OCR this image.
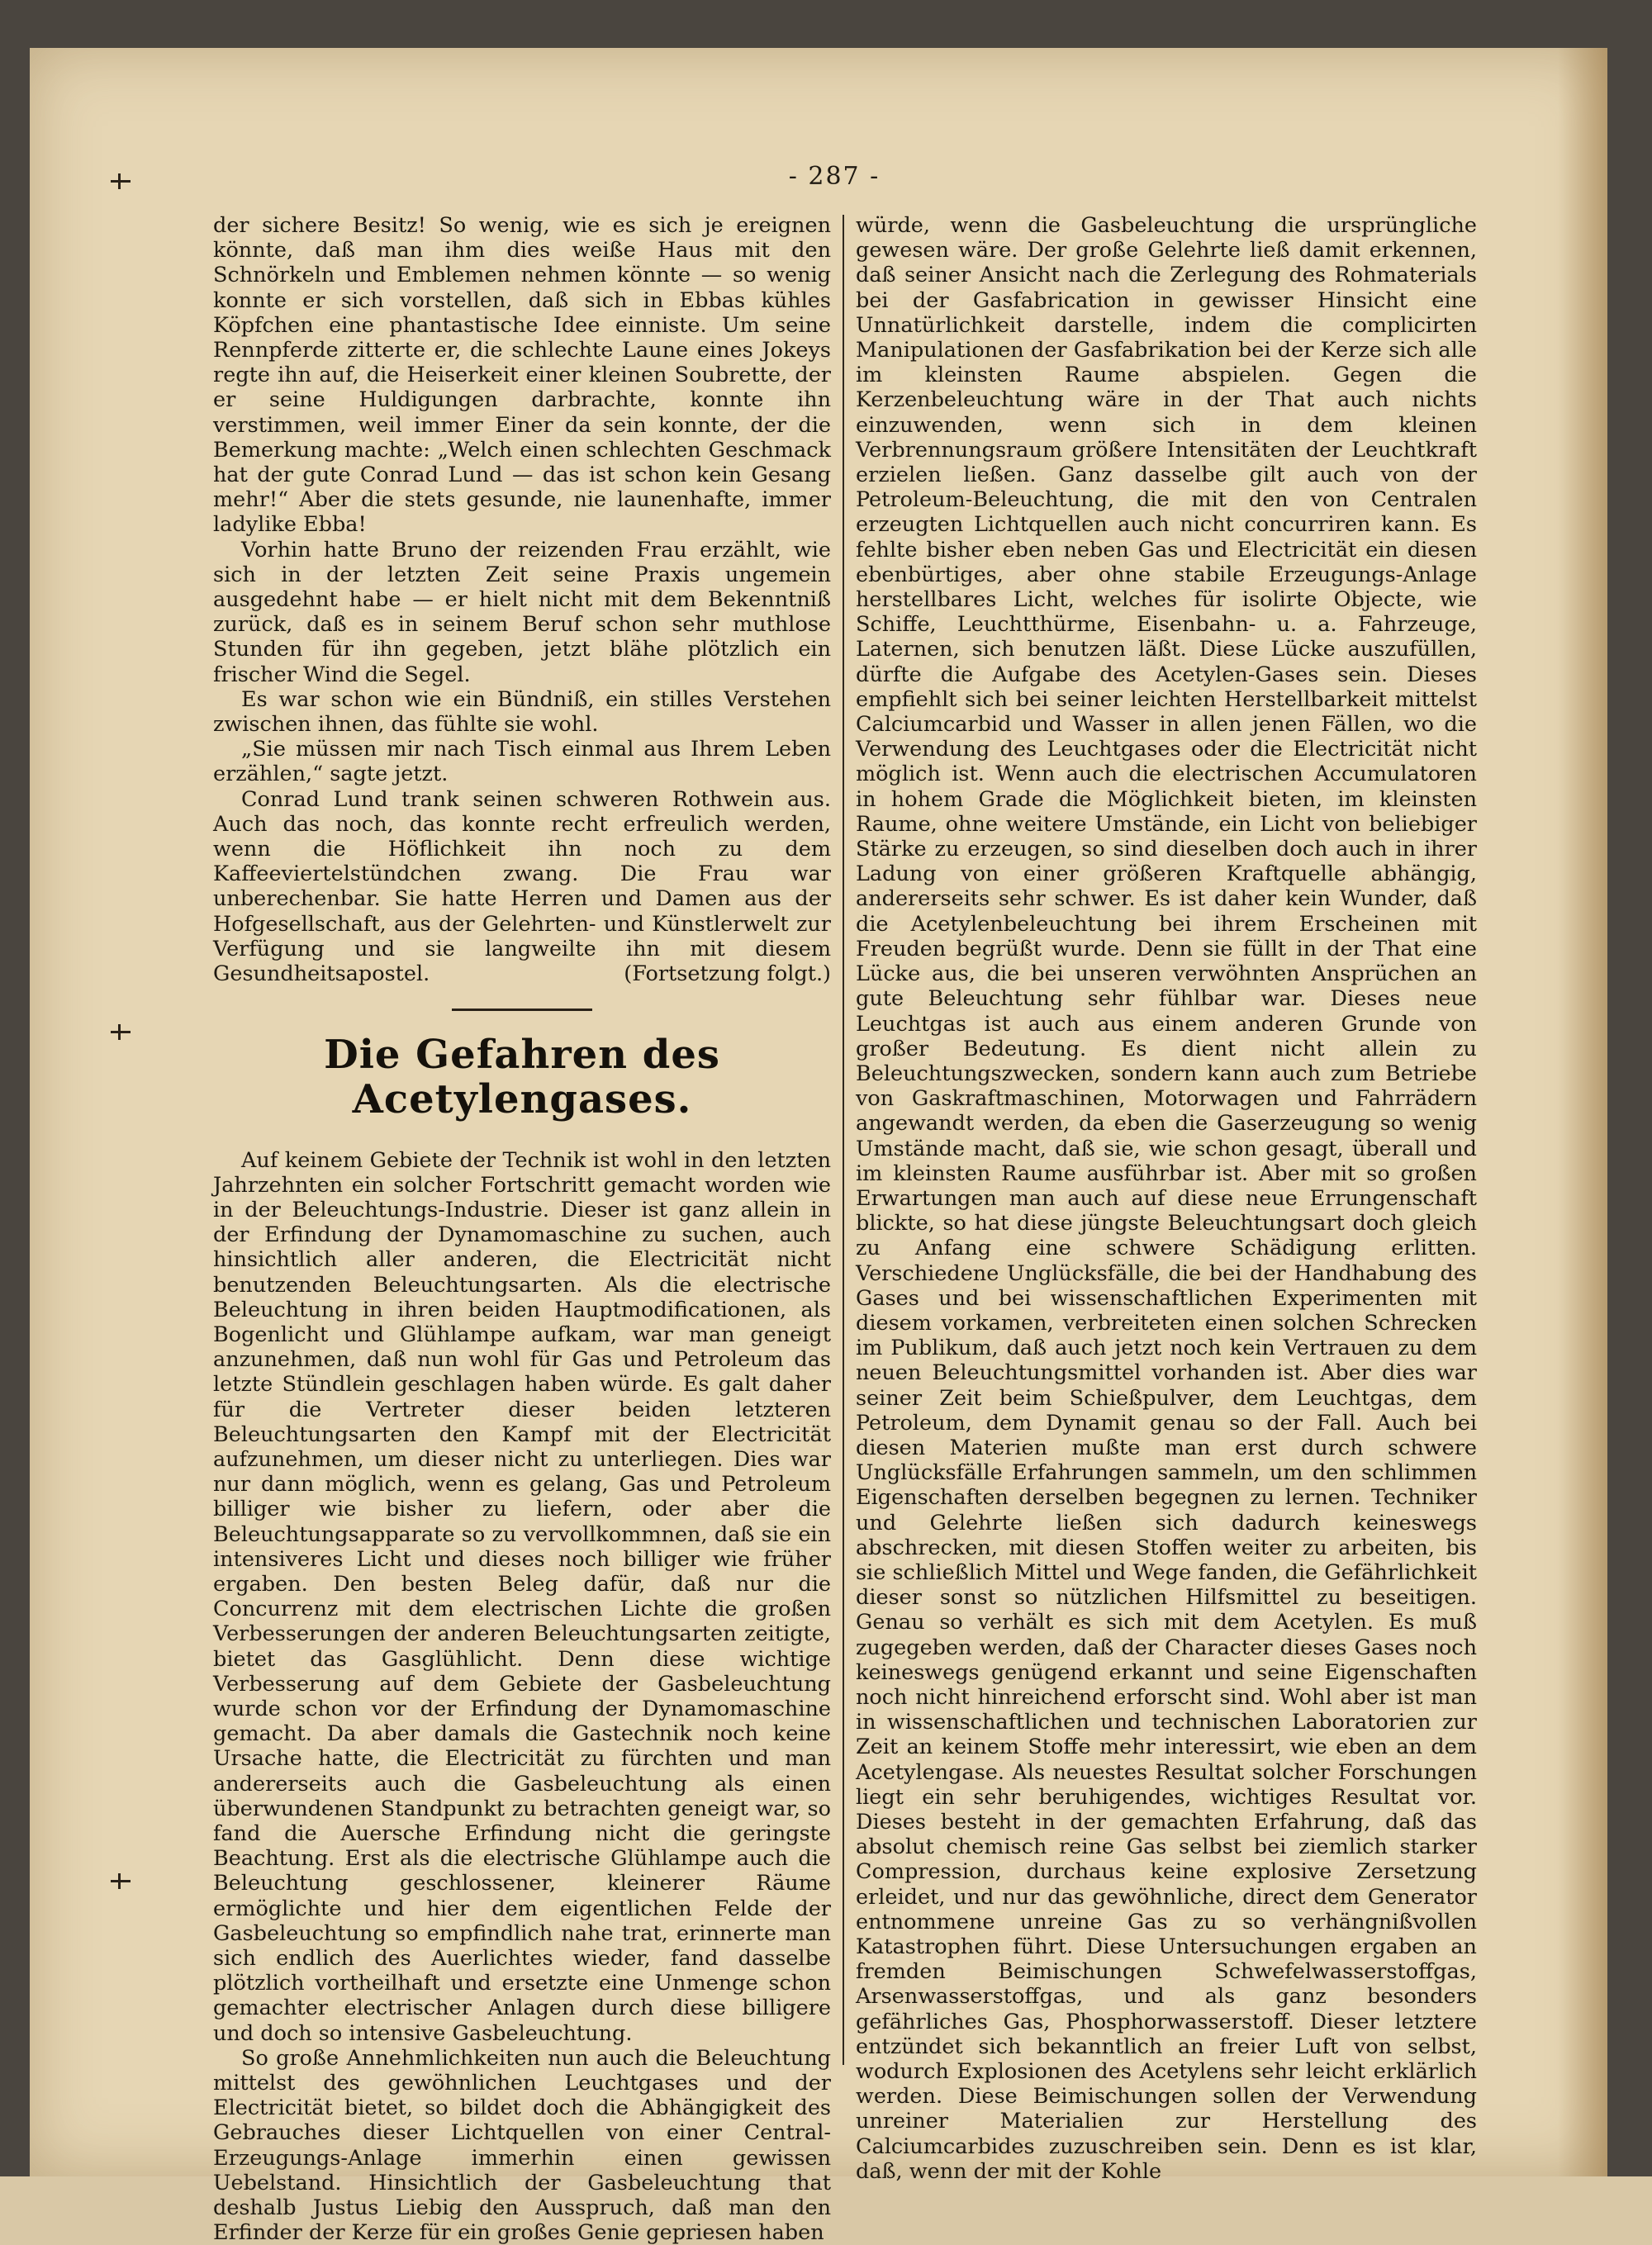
- 287 -

der sichere Besitz! So wenig, wie es sich je ereignen könnte, daß man ihm dies weiße Haus mit den Schnörkeln und Emblemen nehmen könnte — so wenig konnte er sich vorstellen, daß sich in Ebbas kühles Köpfchen eine phantastische Idee einniste. Um seine Rennpferde zitterte er, die schlechte Laune eines Jokeys regte ihn auf, die Heiserkeit einer kleinen Soubrette, der er seine Huldigungen darbrachte, konnte ihn verstimmen, weil immer Einer da sein konnte, der die Bemerkung machte: „Welch einen schlechten Geschmack hat der gute Conrad Lund — das ist schon kein Gesang mehr!“ Aber die stets gesunde, nie launenhafte, immer ladylike Ebba!

Vorhin hatte Bruno der reizenden Frau erzählt, wie sich in der letzten Zeit seine Praxis ungemein ausgedehnt habe — er hielt nicht mit dem Bekenntniß zurück, daß es in seinem Beruf schon sehr muthlose Stunden für ihn gegeben, jetzt blähe plötzlich ein frischer Wind die Segel.

Es war schon wie ein Bündniß, ein stilles Verstehen zwischen ihnen, das fühlte sie wohl.

„Sie müssen mir nach Tisch einmal aus Ihrem Leben erzählen,“ sagte jetzt.

Conrad Lund trank seinen schweren Rothwein aus. Auch das noch, das konnte recht erfreulich werden, wenn die Höflichkeit ihn noch zu dem Kaffeeviertelstündchen zwang. Die Frau war unberechenbar. Sie hatte Herren und Damen aus der Hofgesellschaft, aus der Gelehrten- und Künstlerwelt zur Verfügung und sie langweilte ihn mit diesem Gesundheitsapostel.	(Fortsetzung folgt.)

Die Gefahren des Acetylengases.

Auf keinem Gebiete der Technik ist wohl in den letzten Jahrzehnten ein solcher Fortschritt gemacht worden wie in der Beleuchtungs-Industrie. Dieser ist ganz allein in der Erfindung der Dynamomaschine zu suchen, auch hinsichtlich aller anderen, die Electricität nicht benutzenden Beleuchtungsarten. Als die electrische Beleuchtung in ihren beiden Hauptmodificationen, als Bogenlicht und Glühlampe aufkam, war man geneigt anzunehmen, daß nun wohl für Gas und Petroleum das letzte Stündlein geschlagen haben würde. Es galt daher für die Vertreter dieser beiden letzteren Beleuchtungsarten den Kampf mit der Electricität aufzunehmen, um dieser nicht zu unterliegen. Dies war nur dann möglich, wenn es gelang, Gas und Petroleum billiger wie bisher zu liefern, oder aber die Beleuchtungsapparate so zu vervollkommnen, daß sie ein intensiveres Licht und dieses noch billiger wie früher ergaben. Den besten Beleg dafür, daß nur die Concurrenz mit dem electrischen Lichte die großen Verbesserungen der anderen Beleuchtungsarten zeitigte, bietet das Gasglühlicht. Denn diese wichtige Verbesserung auf dem Gebiete der Gasbeleuchtung wurde schon vor der Erfindung der Dynamomaschine gemacht. Da aber damals die Gastechnik noch keine Ursache hatte, die Electricität zu fürchten und man andererseits auch die Gasbeleuchtung als einen überwundenen Standpunkt zu betrachten geneigt war, so fand die Auersche Erfindung nicht die geringste Beachtung. Erst als die electrische Glühlampe auch die Beleuchtung geschlossener, kleinerer Räume ermöglichte und hier dem eigentlichen Felde der Gasbeleuchtung so empfindlich nahe trat, erinnerte man sich endlich des Auerlichtes wieder, fand dasselbe plötzlich vortheilhaft und ersetzte eine Unmenge schon gemachter electrischer Anlagen durch diese billigere und doch so intensive Gasbeleuchtung.

So große Annehmlichkeiten nun auch die Beleuchtung mittelst des gewöhnlichen Leuchtgases und der Electricität bietet, so bildet doch die Abhängigkeit des Gebrauches dieser Lichtquellen von einer Central-Erzeugungs-Anlage immerhin einen gewissen Uebelstand. Hinsichtlich der Gasbeleuchtung that deshalb Justus Liebig den Ausspruch, daß man den Erfinder der Kerze für ein großes Genie gepriesen haben

würde, wenn die Gasbeleuchtung die ursprüngliche gewesen wäre. Der große Gelehrte ließ damit erkennen, daß seiner Ansicht nach die Zerlegung des Rohmaterials bei der Gasfabrication in gewisser Hinsicht eine Unnatürlichkeit darstelle, indem die complicirten Manipulationen der Gasfabrikation bei der Kerze sich alle im kleinsten Raume abspielen. Gegen die Kerzenbeleuchtung wäre in der That auch nichts einzuwenden, wenn sich in dem kleinen Verbrennungsraum größere Intensitäten der Leuchtkraft erzielen ließen. Ganz dasselbe gilt auch von der Petroleum-Beleuchtung, die mit den von Centralen erzeugten Lichtquellen auch nicht concurriren kann. Es fehlte bisher eben neben Gas und Electricität ein diesen ebenbürtiges, aber ohne stabile Erzeugungs-Anlage herstellbares Licht, welches für isolirte Objecte, wie Schiffe, Leuchtthürme, Eisenbahn- u. a. Fahrzeuge, Laternen, sich benutzen läßt. Diese Lücke auszufüllen, dürfte die Aufgabe des Acetylen-Gases sein. Dieses empfiehlt sich bei seiner leichten Herstellbarkeit mittelst Calciumcarbid und Wasser in allen jenen Fällen, wo die Verwendung des Leuchtgases oder die Electricität nicht möglich ist. Wenn auch die electrischen Accumulatoren in hohem Grade die Möglichkeit bieten, im kleinsten Raume, ohne weitere Umstände, ein Licht von beliebiger Stärke zu erzeugen, so sind dieselben doch auch in ihrer Ladung von einer größeren Kraftquelle abhängig, andererseits sehr schwer. Es ist daher kein Wunder, daß die Acetylenbeleuchtung bei ihrem Erscheinen mit Freuden begrüßt wurde. Denn sie füllt in der That eine Lücke aus, die bei unseren verwöhnten Ansprüchen an gute Beleuchtung sehr fühlbar war. Dieses neue Leuchtgas ist auch aus einem anderen Grunde von großer Bedeutung. Es dient nicht allein zu Beleuchtungszwecken, sondern kann auch zum Betriebe von Gaskraftmaschinen, Motorwagen und Fahrrädern angewandt werden, da eben die Gaserzeugung so wenig Umstände macht, daß sie, wie schon gesagt, überall und im kleinsten Raume ausführbar ist. Aber mit so großen Erwartungen man auch auf diese neue Errungenschaft blickte, so hat diese jüngste Beleuchtungsart doch gleich zu Anfang eine schwere Schädigung erlitten. Verschiedene Unglücksfälle, die bei der Handhabung des Gases und bei wissenschaftlichen Experimenten mit diesem vorkamen, verbreiteten einen solchen Schrecken im Publikum, daß auch jetzt noch kein Vertrauen zu dem neuen Beleuchtungsmittel vorhanden ist. Aber dies war seiner Zeit beim Schießpulver, dem Leuchtgas, dem Petroleum, dem Dynamit genau so der Fall. Auch bei diesen Materien mußte man erst durch schwere Unglücksfälle Erfahrungen sammeln, um den schlimmen Eigenschaften derselben begegnen zu lernen. Techniker und Gelehrte ließen sich dadurch keineswegs abschrecken, mit diesen Stoffen weiter zu arbeiten, bis sie schließlich Mittel und Wege fanden, die Gefährlichkeit dieser sonst so nützlichen Hilfsmittel zu beseitigen. Genau so verhält es sich mit dem Acetylen. Es muß zugegeben werden, daß der Character dieses Gases noch keineswegs genügend erkannt und seine Eigenschaften noch nicht hinreichend erforscht sind. Wohl aber ist man in wissenschaftlichen und technischen Laboratorien zur Zeit an keinem Stoffe mehr interessirt, wie eben an dem Acetylengase. Als neuestes Resultat solcher Forschungen liegt ein sehr beruhigendes, wichtiges Resultat vor. Dieses besteht in der gemachten Erfahrung, daß das absolut chemisch reine Gas selbst bei ziemlich starker Compression, durchaus keine explosive Zersetzung erleidet, und nur das gewöhnliche, direct dem Generator entnommene unreine Gas zu so verhängnißvollen Katastrophen führt. Diese Untersuchungen ergaben an fremden Beimischungen Schwefelwasserstoffgas, Arsenwasserstoffgas, und als ganz besonders gefährliches Gas, Phosphorwasserstoff. Dieser letztere entzündet sich bekanntlich an freier Luft von selbst, wodurch Explosionen des Acetylens sehr leicht erklärlich werden. Diese Beimischungen sollen der Verwendung unreiner Materialien zur Herstellung des Calciumcarbides zuzuschreiben sein. Denn es ist klar, daß, wenn der mit der Kohle
